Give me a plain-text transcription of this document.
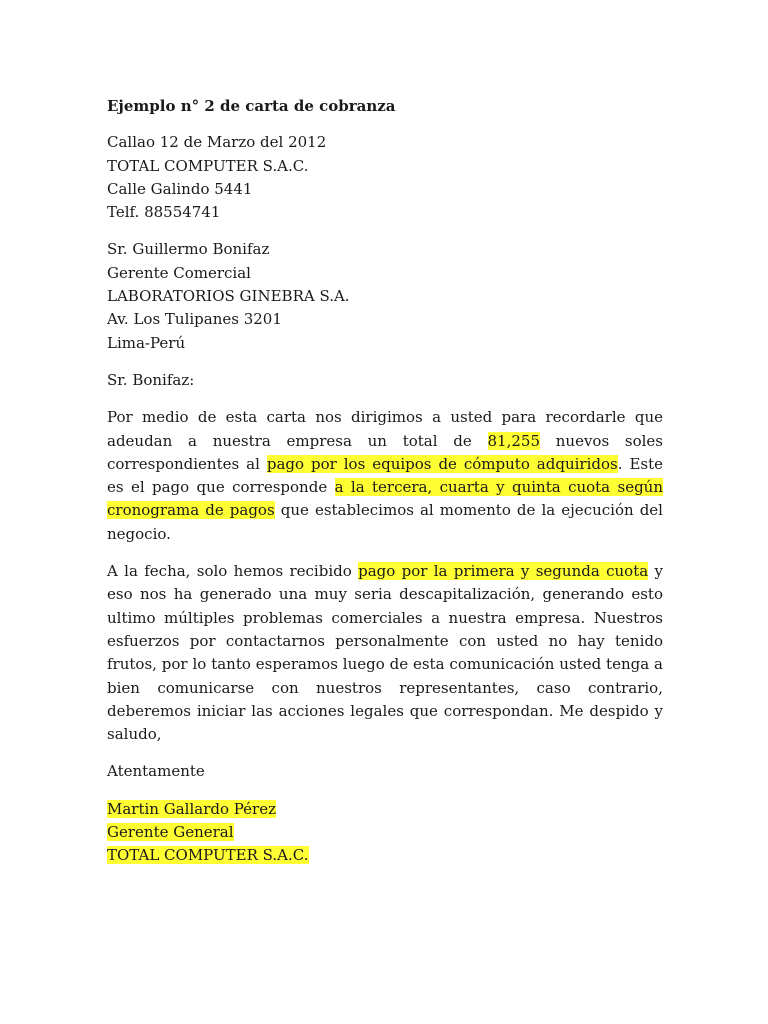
Ejemplo n° 2 de carta de cobranza
Callao 12 de Marzo del 2012
TOTAL COMPUTER S.A.C.
Calle Galindo 5441
Telf. 88554741
Sr. Guillermo Bonifaz
Gerente Comercial
LABORATORIOS GINEBRA S.A.
Av. Los Tulipanes 3201
Lima-Perú
Sr. Bonifaz:

Por medio de esta carta nos dirigimos a usted para recordarle que adeudan a nuestra empresa un total de 81,255 nuevos soles correspondientes al pago por los equipos de cómputo adquiridos. Este es el pago que corresponde a la tercera, cuarta y quinta cuota según cronograma de pagos que establecimos al momento de la ejecución del negocio.

A la fecha, solo hemos recibido pago por la primera y segunda cuota y eso nos ha generado una muy seria descapitalización, generando esto ultimo múltiples problemas comerciales a nuestra empresa. Nuestros esfuerzos por contactarnos personalmente con usted no hay tenido frutos, por lo tanto esperamos luego de esta comunicación usted tenga a bien comunicarse con nuestros representantes, caso contrario, deberemos iniciar las acciones legales que correspondan. Me despido y saludo,

Atentamente
Martin Gallardo Pérez
Gerente General
TOTAL COMPUTER S.A.C.
